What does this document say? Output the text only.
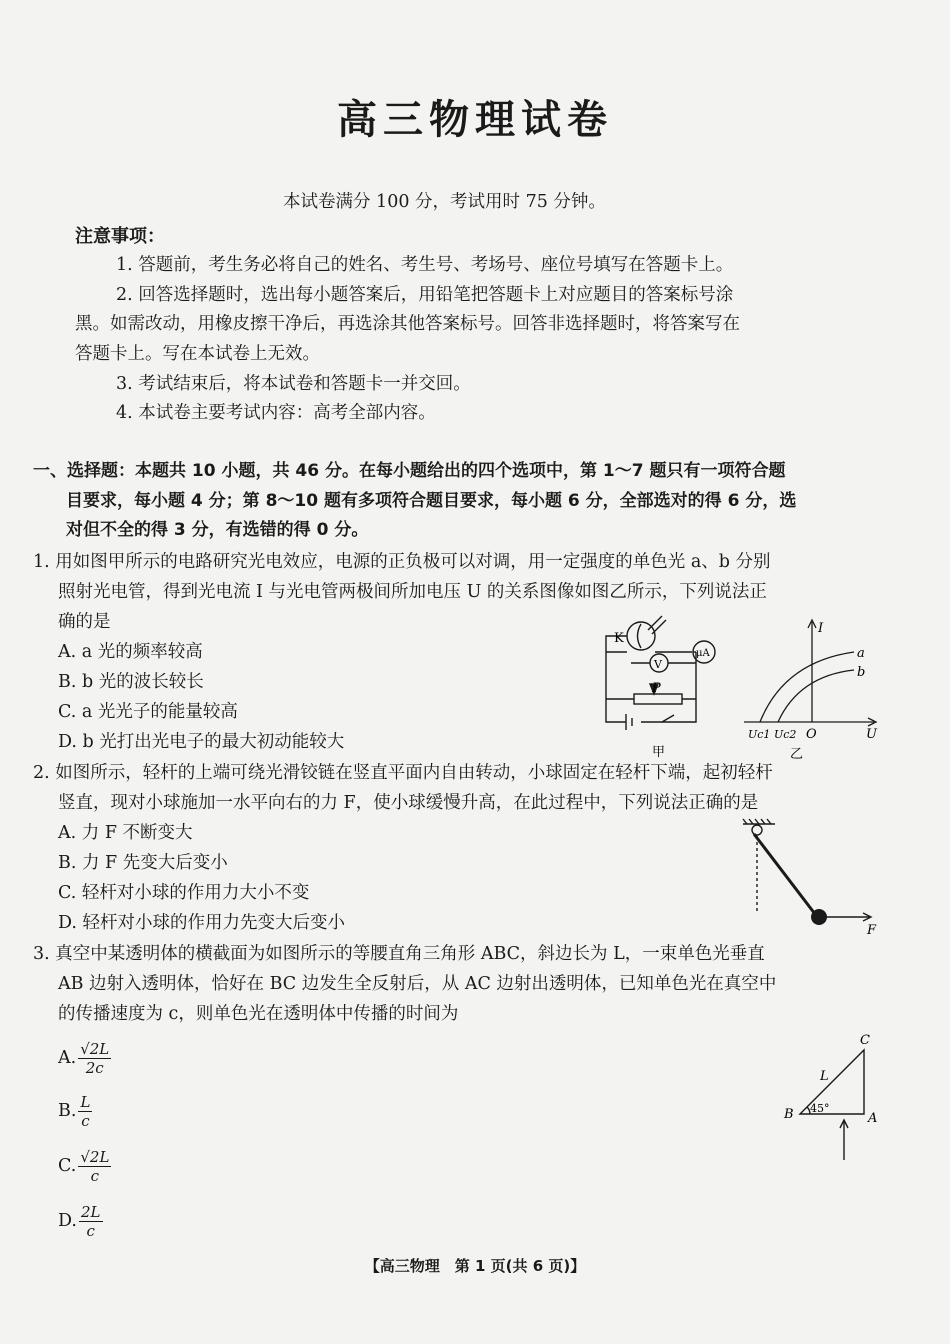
高三物理试卷
本试卷满分 100 分，考试用时 75 分钟。
注意事项：
1. 答题前，考生务必将自己的姓名、考生号、考场号、座位号填写在答题卡上。
2. 回答选择题时，选出每小题答案后，用铅笔把答题卡上对应题目的答案标号涂
黑。如需改动，用橡皮擦干净后，再选涂其他答案标号。回答非选择题时，将答案写在
答题卡上。写在本试卷上无效。
3. 考试结束后，将本试卷和答题卡一并交回。
4. 本试卷主要考试内容：高考全部内容。
一、选择题：本题共 10 小题，共 46 分。在每小题给出的四个选项中，第 1～7 题只有一项符合题
目要求，每小题 4 分；第 8～10 题有多项符合题目要求，每小题 6 分，全部选对的得 6 分，选
对但不全的得 3 分，有选错的得 0 分。
1. 用如图甲所示的电路研究光电效应，电源的正负极可以对调，用一定强度的单色光 a、b 分别
照射光电管，得到光电流 I 与光电管两极间所加电压 U 的关系图像如图乙所示，下列说法正
确的是
A. a 光的频率较高
B. b 光的波长较长
C. a 光光子的能量较高
D. b 光打出光电子的最大初动能较大
K
V
μA
P
甲
I
a
b
Uc1 Uc2 O	U
乙
2. 如图所示，轻杆的上端可绕光滑铰链在竖直平面内自由转动，小球固定在轻杆下端，起初轻杆
竖直，现对小球施加一水平向右的力 F，使小球缓慢升高，在此过程中，下列说法正确的是
A. 力 F 不断变大
B. 力 F 先变大后变小
C. 轻杆对小球的作用力大小不变
D. 轻杆对小球的作用力先变大后变小	F
3. 真空中某透明体的横截面为如图所示的等腰直角三角形 ABC，斜边长为 L，一束单色光垂直
AB 边射入透明体，恰好在 BC 边发生全反射后，从 AC 边射出透明体，已知单色光在真空中
的传播速度为 c，则单色光在透明体中传播的时间为
A. $\frac{√2L}{2c}$
B. $\frac{L}{c}$
C. $\frac{√2L}{c}$
D. $\frac{2L}{c}$
C
L
B 45°
A
【高三物理　第 1 页(共 6 页)】
